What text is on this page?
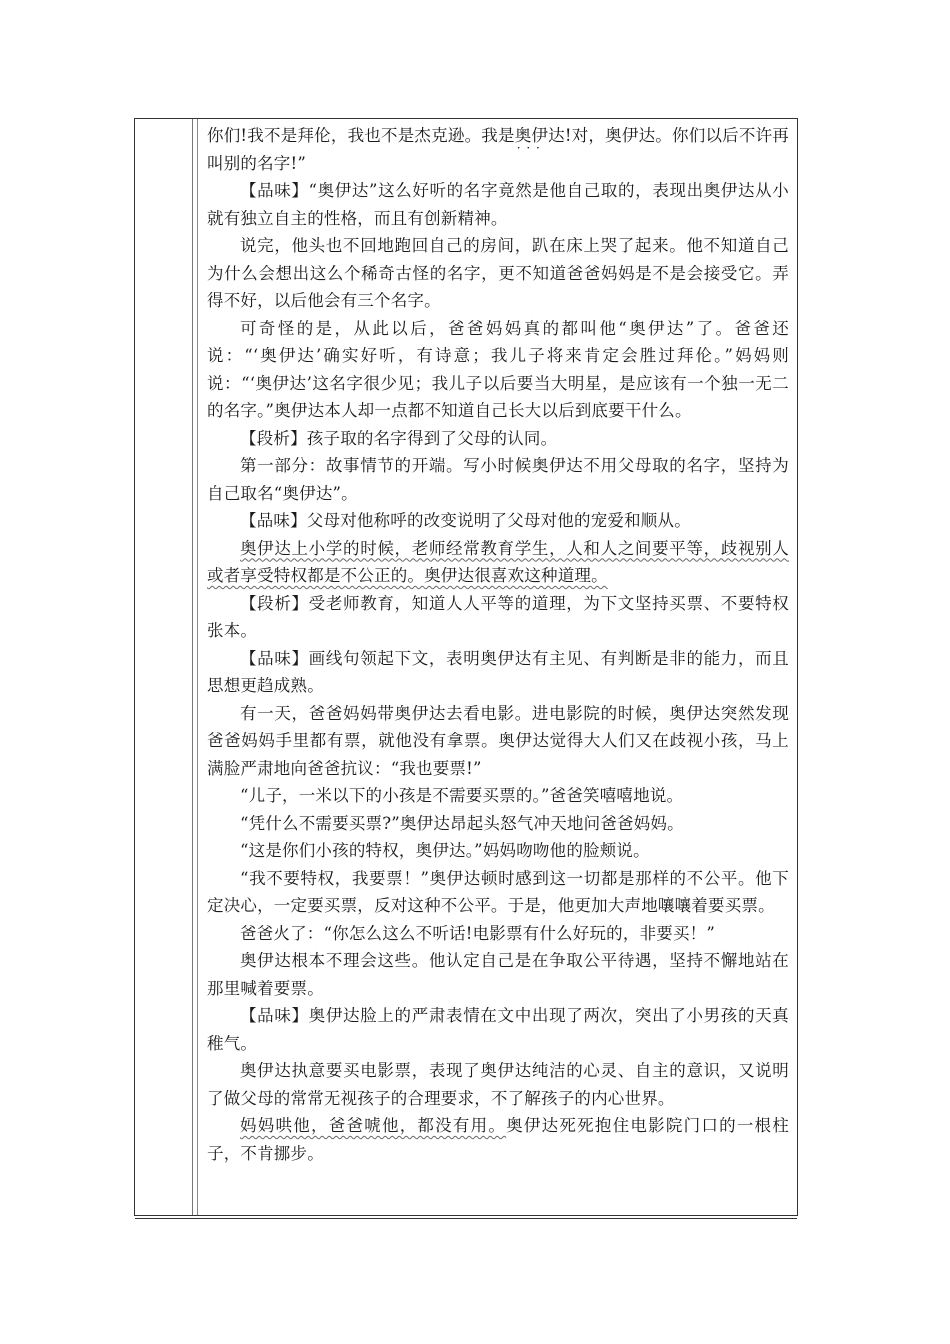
你们!我不是拜伦，我也不是杰克逊。我是奥伊达 · · ·!对，奥伊达。你们以后不许再叫别的名字!”

【品味】“奥伊达”这么好听的名字竟然是他自己取的，表现出奥伊达从小就有独立自主的性格，而且有创新精神。

说完，他头也不回地跑回自己的房间，趴在床上哭了起来。他不知道自己为什么会想出这么个稀奇古怪的名字，更不知道爸爸妈妈是不是会接受它。弄得不好，以后他会有三个名字。

可奇怪的是，从此以后，爸爸妈妈真的都叫他“奥伊达”了。爸爸还说：“‘奥伊达’确实好听，有诗意；我儿子将来肯定会胜过拜伦。”妈妈则说：“‘奥伊达’这名字很少见；我儿子以后要当大明星，是应该有一个独一无二的名字。”奥伊达本人却一点都不知道自己长大以后到底要干什么。

【段析】孩子取的名字得到了父母的认同。

第一部分：故事情节的开端。写小时候奥伊达不用父母取的名字，坚持为自己取名“奥伊达”。

【品味】父母对他称呼的改变说明了父母对他的宠爱和顺从。

奥伊达上小学的时候，老师经常教育学生，人和人之间要平等，歧视别人或者享受特权都是不公正的。奥伊达很喜欢这种道理。

【段析】受老师教育，知道人人平等的道理，为下文坚持买票、不要特权张本。

【品味】画线句领起下文，表明奥伊达有主见、有判断是非的能力，而且思想更趋成熟。

有一天，爸爸妈妈带奥伊达去看电影。进电影院的时候，奥伊达突然发现爸爸妈妈手里都有票，就他没有拿票。奥伊达觉得大人们又在歧视小孩，马上满脸严肃地向爸爸抗议：“我也要票!”

“儿子，一米以下的小孩是不需要买票的。”爸爸笑嘻嘻地说。

“凭什么不需要买票?”奥伊达昂起头怒气冲天地问爸爸妈妈。

“这是你们小孩的特权，奥伊达。”妈妈吻吻他的脸颊说。

“我不要特权，我要票！”奥伊达顿时感到这一切都是那样的不公平。他下定决心，一定要买票，反对这种不公平。于是，他更加大声地嚷嚷着要买票。

爸爸火了：“你怎么这么不听话!电影票有什么好玩的，非要买！”

奥伊达根本不理会这些。他认定自己是在争取公平待遇，坚持不懈地站在那里喊着要票。

【品味】奥伊达脸上的严肃表情在文中出现了两次，突出了小男孩的天真稚气。

奥伊达执意要买电影票，表现了奥伊达纯洁的心灵、自主的意识，又说明了做父母的常常无视孩子的合理要求，不了解孩子的内心世界。

妈妈哄他，爸爸唬他，都没有用。奥伊达死死抱住电影院门口的一根柱子，不肯挪步。
